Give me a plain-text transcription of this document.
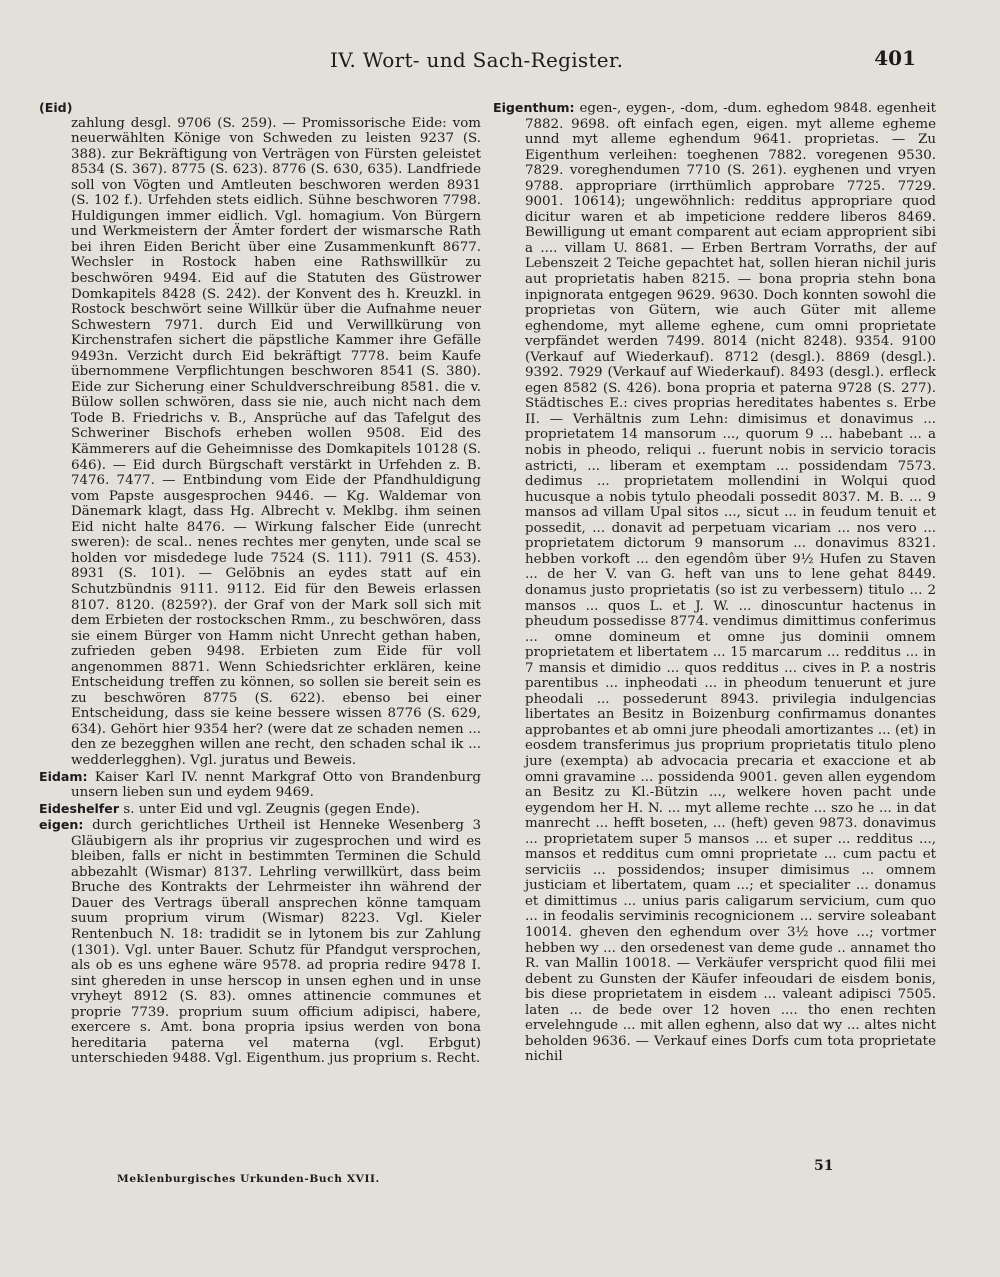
IV. Wort- und Sach-Register.	401
(Eid)

zahlung desgl. 9706 (S. 259). — Promissorische Eide: vom neuerwählten Könige von Schweden zu leisten 9237 (S. 388). zur Bekräftigung von Verträgen von Fürsten geleistet 8534 (S. 367). 8775 (S. 623). 8776 (S. 630, 635). Landfriede soll von Vögten und Amtleuten beschworen werden 8931 (S. 102 f.). Urfehden stets eidlich. Sühne beschworen 7798. Huldigungen immer eidlich. Vgl. homagium. Von Bürgern und Werkmeistern der Ämter fordert der wismarsche Rath bei ihren Eiden Bericht über eine Zusammenkunft 8677. Wechsler in Rostock haben eine Rathswillkür zu beschwören 9494. Eid auf die Statuten des Güstrower Domkapitels 8428 (S. 242). der Konvent des h. Kreuzkl. in Rostock beschwört seine Willkür über die Aufnahme neuer Schwestern 7971. durch Eid und Verwillkürung von Kirchenstrafen sichert die päpstliche Kammer ihre Gefälle 9493n. Verzicht durch Eid bekräftigt 7778. beim Kaufe übernommene Verpflichtungen beschworen 8541 (S. 380). Eide zur Sicherung einer Schuldverschreibung 8581. die v. Bülow sollen schwören, dass sie nie, auch nicht nach dem Tode B. Friedrichs v. B., Ansprüche auf das Tafelgut des Schweriner Bischofs erheben wollen 9508. Eid des Kämmerers auf die Geheimnisse des Domkapitels 10128 (S. 646). — Eid durch Bürgschaft verstärkt in Urfehden z. B. 7476. 7477. — Entbindung vom Eide der Pfandhuldigung vom Papste ausgesprochen 9446. — Kg. Waldemar von Dänemark klagt, dass Hg. Albrecht v. Meklbg. ihm seinen Eid nicht halte 8476. — Wirkung falscher Eide (unrecht sweren): de scal.. nenes rechtes mer genyten, unde scal se holden vor misdedege lude 7524 (S. 111). 7911 (S. 453). 8931 (S. 101). — Gelöbnis an eydes statt auf ein Schutzbündnis 9111. 9112. Eid für den Beweis erlassen 8107. 8120. (8259?). der Graf von der Mark soll sich mit dem Erbieten der rostockschen Rmm., zu beschwören, dass sie einem Bürger von Hamm nicht Unrecht gethan haben, zufrieden geben 9498. Erbieten zum Eide für voll angenommen 8871. Wenn Schiedsrichter erklären, keine Entscheidung treffen zu können, so sollen sie bereit sein es zu beschwören 8775 (S. 622). ebenso bei einer Entscheidung, dass sie keine bessere wissen 8776 (S. 629, 634). Gehört hier 9354 her? (were dat ze schaden nemen ... den ze bezegghen willen ane recht, den schaden schal ik ... wedderlegghen). Vgl. juratus und Beweis.

Eidam: Kaiser Karl IV. nennt Markgraf Otto von Brandenburg unsern lieben sun und eydem 9469.
Eideshelfer s. unter Eid und vgl. Zeugnis (gegen Ende).
eigen: durch gerichtliches Urtheil ist Henneke Wesenberg 3 Gläubigern als ihr proprius vir zugesprochen und wird es bleiben, falls er nicht in bestimmten Terminen die Schuld abbezahlt (Wismar) 8137. Lehrling verwillkürt, dass beim Bruche des Kontrakts der Lehrmeister ihn während der Dauer des Vertrags überall ansprechen könne tamquam suum proprium virum (Wismar) 8223. Vgl. Kieler Rentenbuch N. 18: tradidit se in lytonem bis zur Zahlung (1301). Vgl. unter Bauer. Schutz für Pfandgut versprochen, als ob es uns eghene wäre 9578. ad propria redire 9478 I. sint ghereden in unse herscop in unsen eghen und in unse vryheyt 8912 (S. 83). omnes attinencie communes et proprie 7739. proprium suum officium adipisci, habere, exercere s. Amt. bona propria ipsius werden von bona hereditaria paterna vel materna (vgl. Erbgut) unterschieden 9488. Vgl. Eigenthum. jus proprium s. Recht.
Eigenthum: egen-, eygen-, -dom, -dum. eghedom 9848. egenheit 7882. 9698. oft einfach egen, eigen. myt alleme egheme unnd myt alleme eghendum 9641. proprietas. — Zu Eigenthum verleihen: toeghenen 7882. voregenen 9530. 7829. voreghendumen 7710 (S. 261). eyghenen und vryen 9788. appropriare (irrthümlich approbare 7725. 7729. 9001. 10614); ungewöhnlich: redditus appropriare quod dicitur waren et ab impeticione reddere liberos 8469. Bewilligung ut emant comparent aut eciam approprient sibi a .... villam U. 8681. — Erben Bertram Vorraths, der auf Lebenszeit 2 Teiche gepachtet hat, sollen hieran nichil juris aut proprietatis haben 8215. — bona propria stehn bona inpignorata entgegen 9629. 9630. Doch konnten sowohl die proprietas von Gütern, wie auch Güter mit alleme eghendome, myt alleme eghene, cum omni proprietate verpfändet werden 7499. 8014 (nicht 8248). 9354. 9100 (Verkauf auf Wiederkauf). 8712 (desgl.). 8869 (desgl.). 9392. 7929 (Verkauf auf Wiederkauf). 8493 (desgl.). erfleck egen 8582 (S. 426). bona propria et paterna 9728 (S. 277). Städtisches E.: cives proprias hereditates habentes s. Erbe II. — Verhältnis zum Lehn: dimisimus et donavimus ... proprietatem 14 mansorum ..., quorum 9 ... habebant ... a nobis in pheodo, reliqui .. fuerunt nobis in servicio toracis astricti, ... liberam et exemptam ... possidendam 7573. dedimus ... proprietatem mollendini in Wolqui quod hucusque a nobis tytulo pheodali possedit 8037. M. B. ... 9 mansos ad villam Upal sitos ..., sicut ... in feudum tenuit et possedit, ... donavit ad perpetuam vicariam ... nos vero ... proprietatem dictorum 9 mansorum ... donavimus 8321. hebben vorkoft ... den egendôm über 9½ Hufen zu Staven ... de her V. van G. heft van uns to lene gehat 8449. donamus justo proprietatis (so ist zu verbessern) titulo ... 2 mansos ... quos L. et J. W. ... dinoscuntur hactenus in pheudum possedisse 8774. vendimus dimittimus conferimus ... omne domineum et omne jus dominii omnem proprietatem et libertatem ... 15 marcarum ... redditus ... in 7 mansis et dimidio ... quos redditus ... cives in P. a nostris parentibus ... inpheodati ... in pheodum tenuerunt et jure pheodali ... possederunt 8943. privilegia indulgencias libertates an Besitz in Boizenburg confirmamus donantes approbantes et ab omni jure pheodali amortizantes ... (et) in eosdem transferimus jus proprium proprietatis titulo pleno jure (exempta) ab advocacia precaria et exaccione et ab omni gravamine ... possidenda 9001. geven allen eygendom an Besitz zu Kl.-Bützin ..., welkere hoven pacht unde eygendom her H. N. ... myt alleme rechte ... szo he ... in dat manrecht ... hefft boseten, ... (heft) geven 9873. donavimus ... proprietatem super 5 mansos ... et super ... redditus ..., mansos et redditus cum omni proprietate ... cum pactu et serviciis ... possidendos; insuper dimisimus ... omnem justiciam et libertatem, quam ...; et specialiter ... donamus et dimittimus ... unius paris caligarum servicium, cum quo ... in feodalis serviminis recognicionem ... servire soleabant 10014. gheven den eghendum over 3½ hove ...; vortmer hebben wy ... den orsedenest van deme gude .. annamet tho R. van Mallin 10018. — Verkäufer verspricht quod filii mei debent zu Gunsten der Käufer infeoudari de eisdem bonis, bis diese proprietatem in eisdem ... valeant adipisci 7505. laten ... de bede over 12 hoven .... tho enen rechten ervelehngude ... mit allen eghenn, also dat wy ... altes nicht beholden 9636. — Verkauf eines Dorfs cum tota proprietate nichil
Meklenburgisches Urkunden-Buch XVII.
51
